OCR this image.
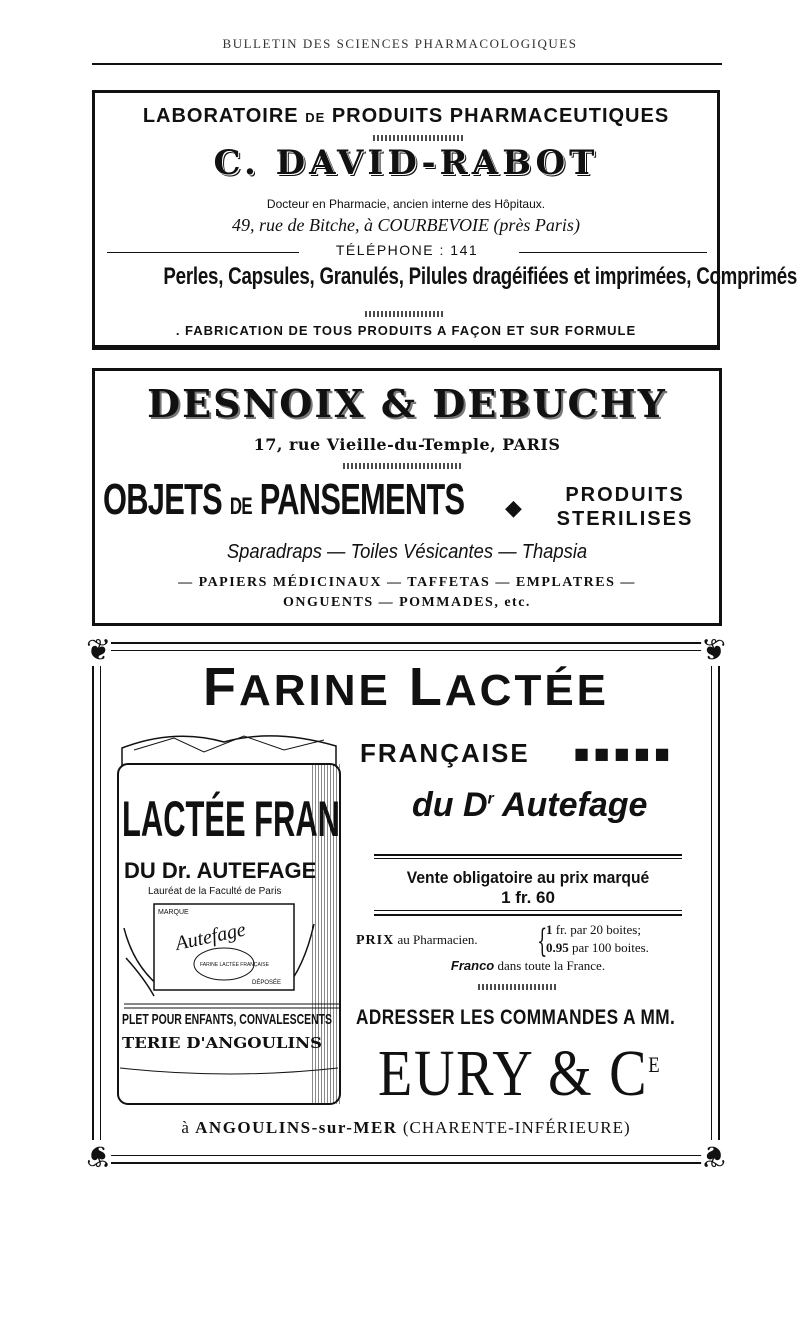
BULLETIN DES SCIENCES PHARMACOLOGIQUES
LABORATOIRE DE PRODUITS PHARMACEUTIQUES
C. DAVID-RABOT
Docteur en Pharmacie, ancien interne des Hôpitaux.
49, rue de Bitche, à COURBEVOIE (près Paris)
TÉLÉPHONE : 141
Perles, Capsules, Granulés, Pilules dragéifiées et imprimées, Comprimés
. FABRICATION DE TOUS PRODUITS A FAÇON ET SUR FORMULE
DESNOIX & DEBUCHY
17, rue Vieille-du-Temple, PARIS
OBJETS DE PANSEMENTS ◆	PRODUITS
STERILISES
Sparadraps — Toiles Vésicantes — Thapsia
— PAPIERS MÉDICINAUX — TAFFETAS — EMPLATRES —
ONGUENTS — POMMADES, etc.
❦	❦
❦	❦
FARINE LACTÉE
LACTÉE FRAN
DU Dr. AUTEFAGE
Lauréat de la Faculté de Paris
MARQUE
Autefage
FARINE LACTÉE FRANÇAISE
DÉPOSÉE
PLET POUR ENFANTS, CONVALESCENTS
TERIE D'ANGOULINS
FRANÇAISE	■■■■■
du $D^r$ Autefage
Vente obligatoire au prix marqué
1 fr. 60
PRIX au Pharmacien. {
1 fr. par 20 boites;
0.95 par 100 boites.
Franco dans toute la France.
ADRESSER LES COMMANDES A MM.
EURY & $C^E$
à ANGOULINS-sur-MER (CHARENTE-INFÉRIEURE)
